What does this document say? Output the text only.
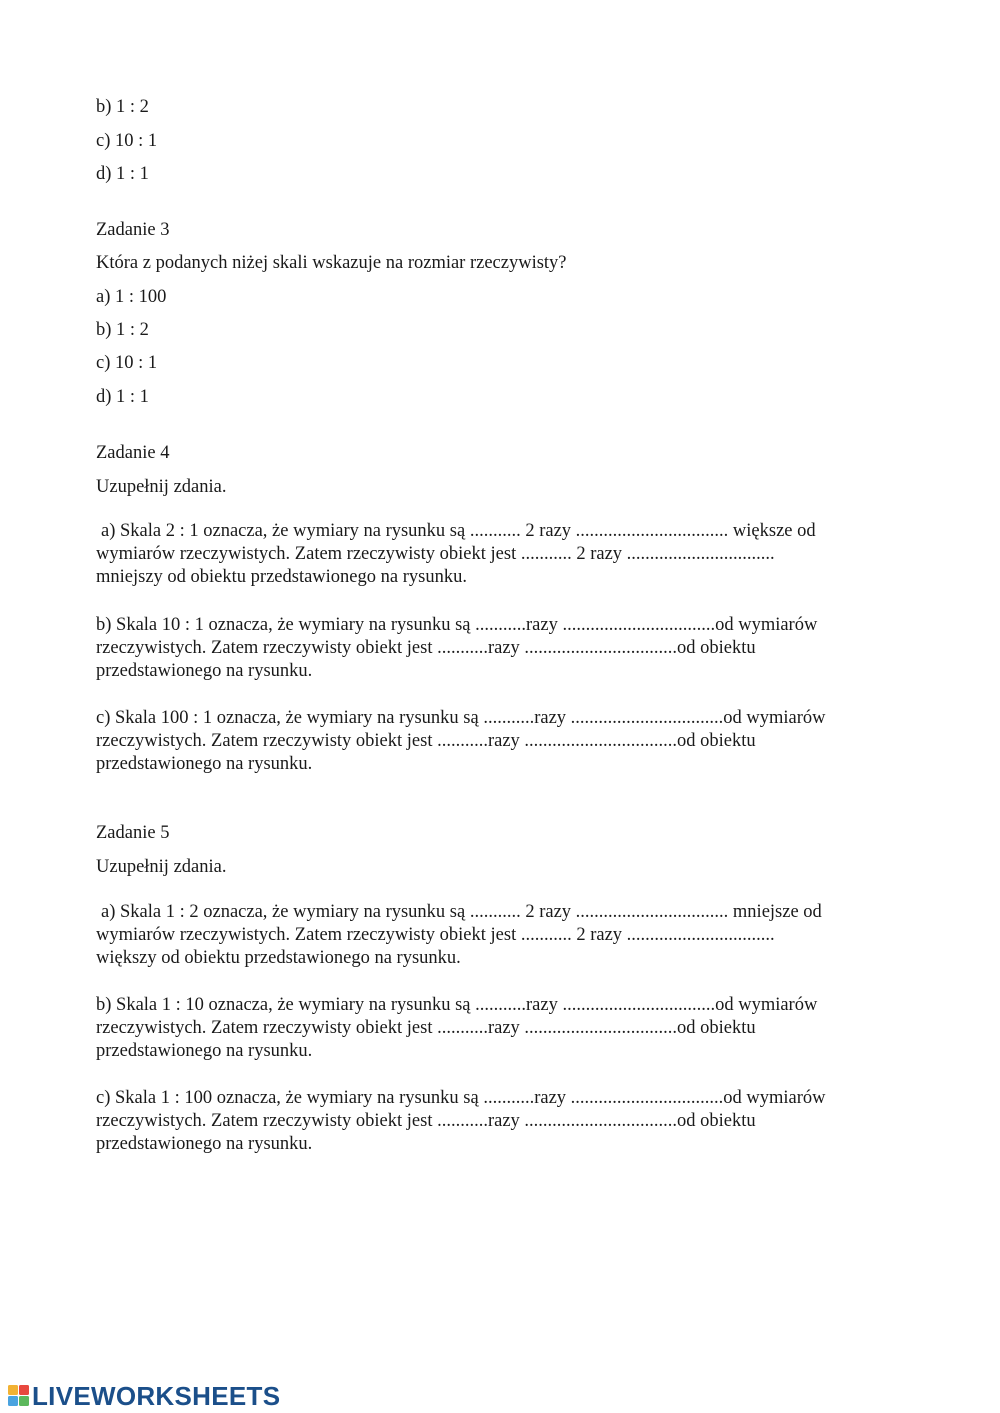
b) 1 : 2
c) 10 : 1
d) 1 : 1
Zadanie 3
Która z podanych niżej skali wskazuje na rozmiar rzeczywisty?
a) 1 : 100
b) 1 : 2
c) 10 : 1
d) 1 : 1
Zadanie 4
Uzupełnij zdania.
a) Skala 2 : 1 oznacza, że wymiary na rysunku są ........... 2 razy ................................. większe od
wymiarów rzeczywistych. Zatem rzeczywisty obiekt jest ........... 2 razy ................................
mniejszy od obiektu przedstawionego na rysunku.
b) Skala 10 : 1 oznacza, że wymiary na rysunku są ...........razy .................................od wymiarów
rzeczywistych. Zatem rzeczywisty obiekt jest ...........razy .................................od obiektu
przedstawionego na rysunku.
c) Skala 100 : 1 oznacza, że wymiary na rysunku są ...........razy .................................od wymiarów
rzeczywistych. Zatem rzeczywisty obiekt jest ...........razy .................................od obiektu
przedstawionego na rysunku.
Zadanie 5
Uzupełnij zdania.
a) Skala 1 : 2 oznacza, że wymiary na rysunku są ........... 2 razy ................................. mniejsze od
wymiarów rzeczywistych. Zatem rzeczywisty obiekt jest ........... 2 razy ................................
większy od obiektu przedstawionego na rysunku.
b) Skala 1 : 10 oznacza, że wymiary na rysunku są ...........razy .................................od wymiarów
rzeczywistych. Zatem rzeczywisty obiekt jest ...........razy .................................od obiektu
przedstawionego na rysunku.
c) Skala 1 : 100 oznacza, że wymiary na rysunku są ...........razy .................................od wymiarów
rzeczywistych. Zatem rzeczywisty obiekt jest ...........razy .................................od obiektu
przedstawionego na rysunku.
LIVEWORKSHEETS
